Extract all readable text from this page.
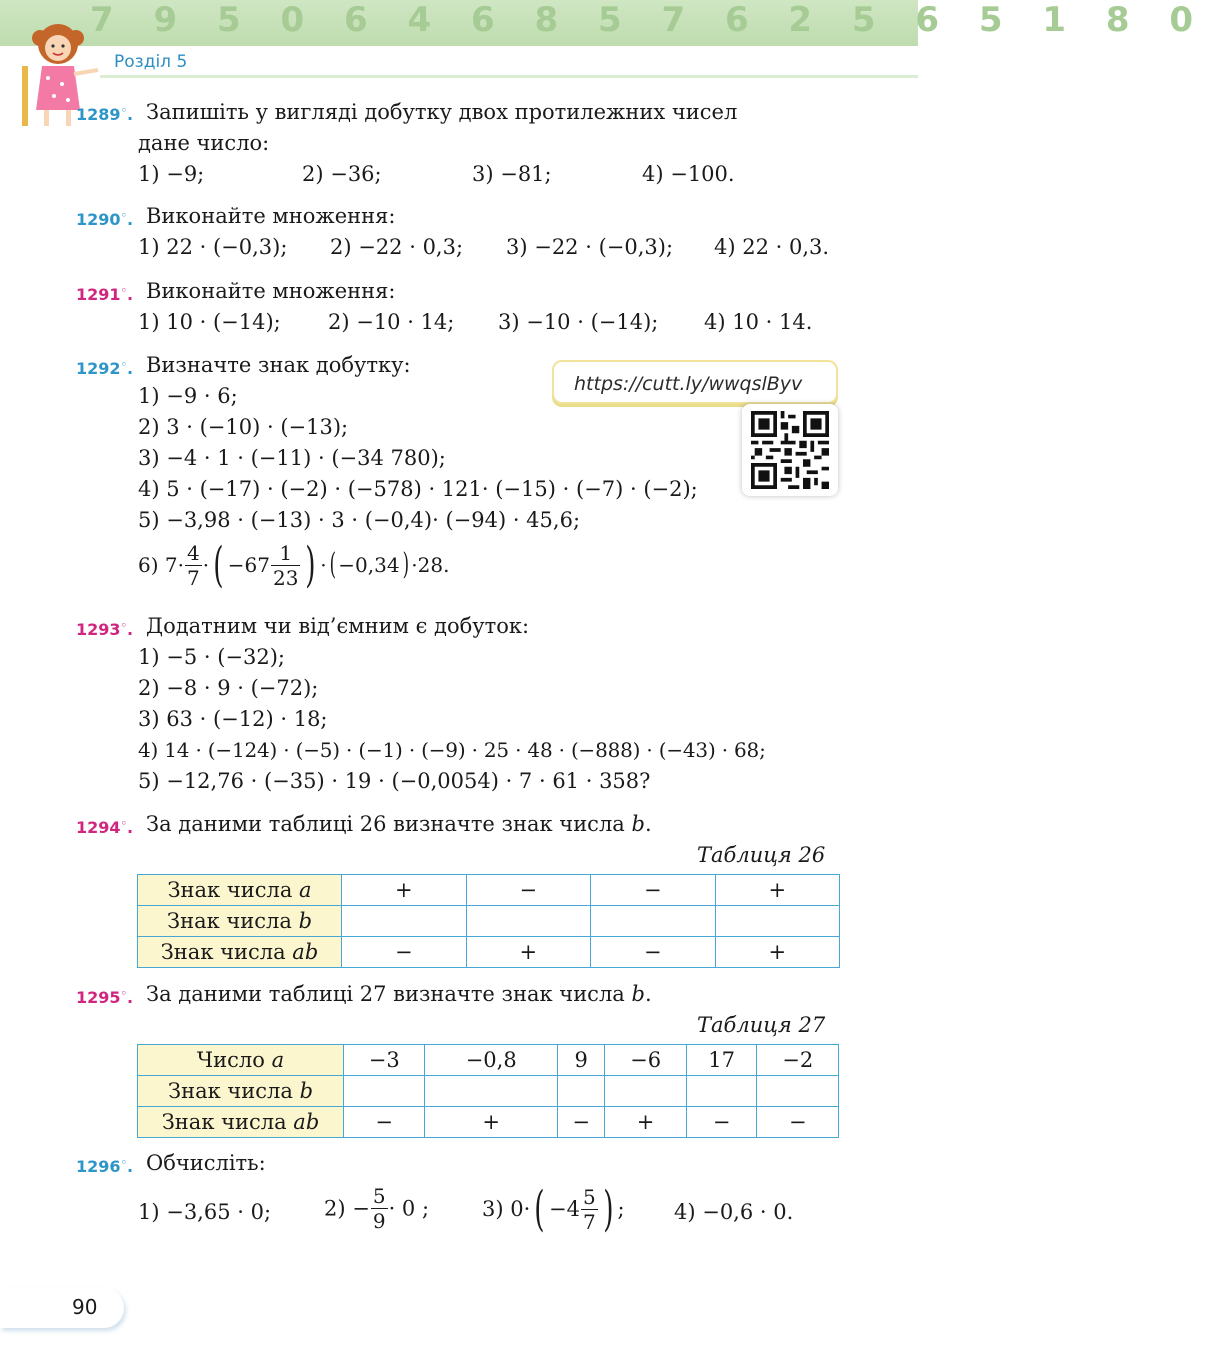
7 9 5 0 6 4 6 8 5 7 6 2 5 6 5 1 8 0
Розділ 5
1289◦. Запишіть у вигляді добутку двох протилежних чисел
дане число:
1) −9;	2) −36;	3) −81;	4) −100.
1290◦. Виконайте множення:
1) 22 · (−0,3); 2) −22 · 0,3; 3) −22 · (−0,3); 4) 22 · 0,3.
1291◦. Виконайте множення:
1) 10 · (−14); 2) −10 · 14; 3) −10 · (−14); 4) 10 · 14.
1292◦. Визначте знак добутку:
1) −9 · 6;
2) 3 · (−10) · (−13);
3) −4 · 1 · (−11) · (−34 780);
4) 5 · (−17) · (−2) · (−578) · 121· (−15) · (−7) · (−2);
5) −3,98 · (−13) · 3 · (−0,4)· (−94) · 45,6;
6) $7\cdot \frac{4}{7}$ ·( $-67 \frac{1}{23}$ ) ·( −0,34) ·28.
https://cutt.ly/wwqslByv
1293◦. Додатним чи від’ємним є добуток:
1) −5 · (−32);
2) −8 · 9 · (−72);
3) 63 · (−12) · 18;
4) 14 · (−124) · (−5) · (−1) · (−9) · 25 · 48 · (−888) · (−43) · 68;
5) −12,76 · (−35) · 19 · (−0,0054) · 7 · 61 · 358?
1294◦. За даними таблиці 26 визначте знак числа b.
Таблиця 26
Знак числа a	+	−	−	+
Знак числа b				
Знак числа ab	−	+	−	+
1295◦. За даними таблиці 27 визначте знак числа b.
Таблиця 27
Число a	−3	−0,8	9	−6	17	−2
Знак числа b						
Знак числа ab	−	+	−	+	−	−
1296◦. Обчисліть:
1) −3,65 · 0;	$2) - \frac{5}{9} \cdot 0$ ;	3) $0\cdot( -4 \frac{5}{7}$ ) ; 4) −0,6 · 0.
90
